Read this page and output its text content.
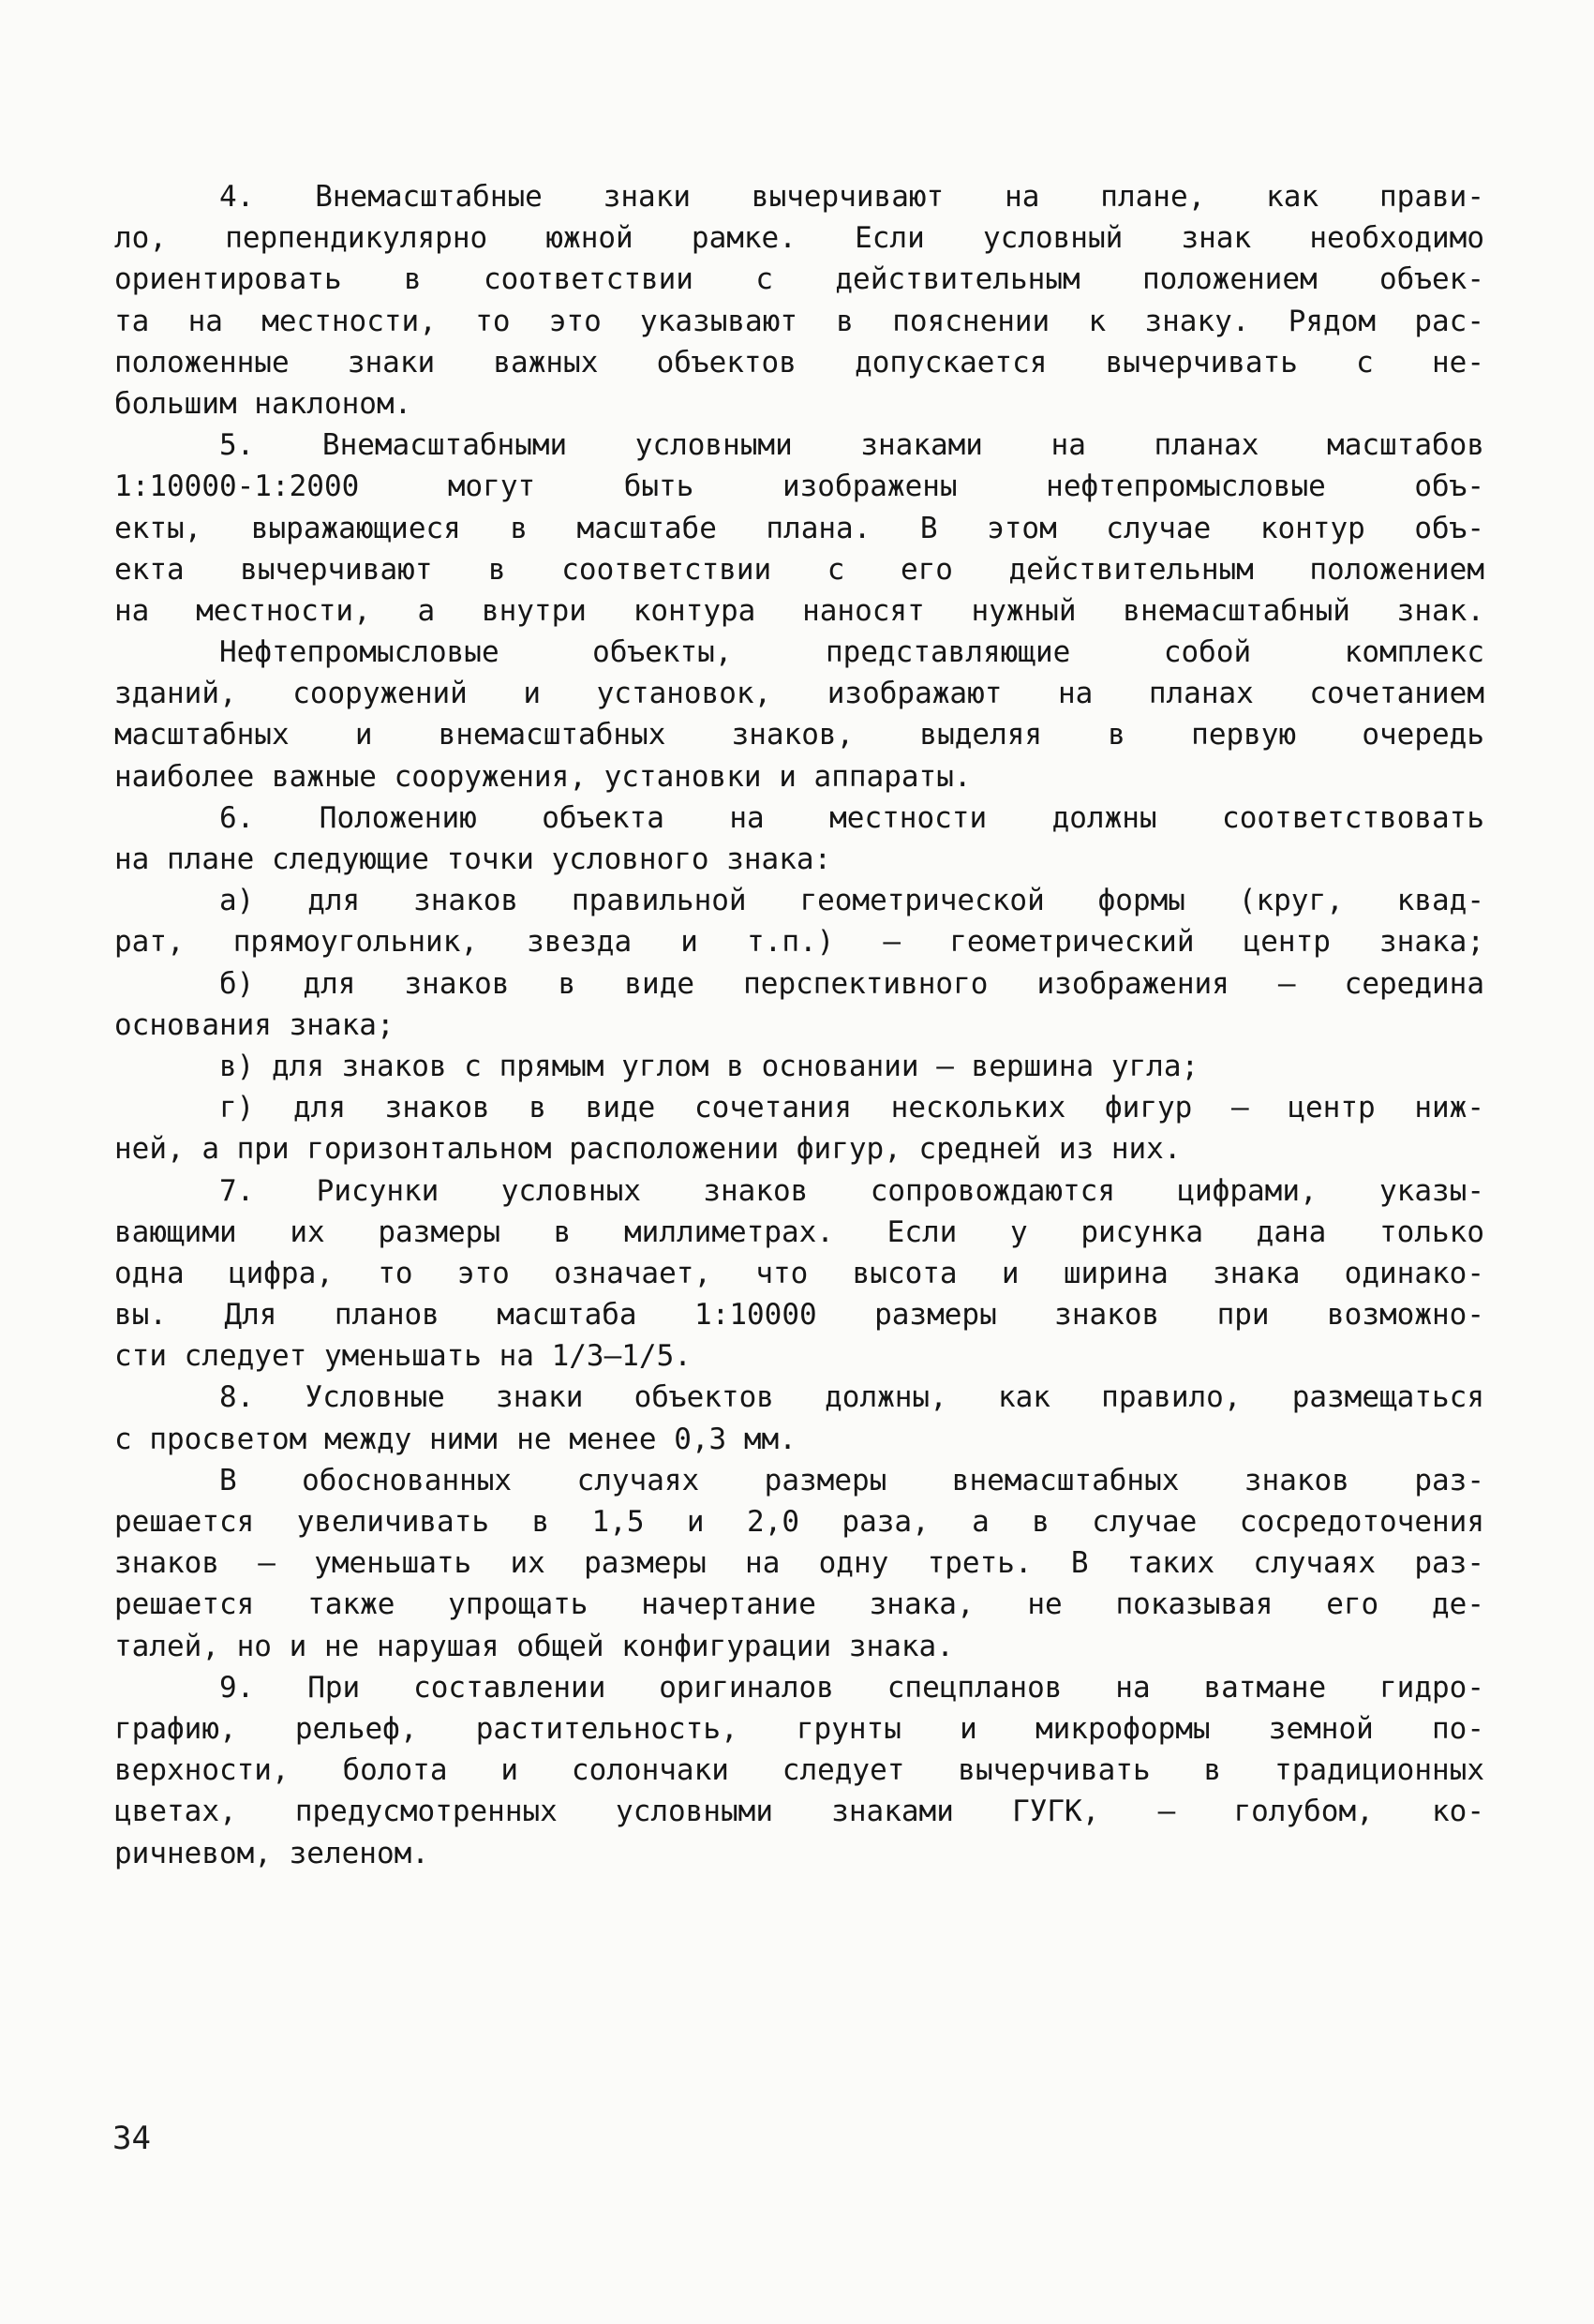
4. Внемасштабные знаки вычерчивают на плане, как прави-
ло, перпендикулярно южной рамке. Если условный знак необходимо
ориентировать в соответствии с действительным положением объек-
та на местности, то это указывают в пояснении к знаку. Рядом рас-
положенные знаки важных объектов допускается вычерчивать с не-
большим наклоном.
5. Внемасштабными условными знаками на планах масштабов
1:10000-1:2000 могут быть изображены нефтепромысловые объ-
екты, выражающиеся в масштабе плана. В этом случае контур объ-
екта вычерчивают в соответствии с его действительным положением
на местности, а внутри контура наносят нужный внемасштабный знак.
Нефтепромысловые объекты, представляющие собой комплекс
зданий, сооружений и установок, изображают на планах сочетанием
масштабных и внемасштабных знаков, выделяя в первую очередь
наиболее важные сооружения, установки и аппараты.
6. Положению объекта на местности должны соответствовать
на плане следующие точки условного знака:
а) для знаков правильной геометрической формы (круг, квад-
рат, прямоугольник, звезда и т.п.) – геометрический центр знака;
б) для знаков в виде перспективного изображения – середина
основания знака;
в) для знаков с прямым углом в основании – вершина угла;
г) для знаков в виде сочетания нескольких фигур – центр ниж-
ней, а при горизонтальном расположении фигур, средней из них.
7. Рисунки условных знаков сопровождаются цифрами, указы-
вающими их размеры в миллиметрах. Если у рисунка дана только
одна цифра, то это означает, что высота и ширина знака одинако-
вы. Для планов масштаба 1:10000 размеры знаков при возможно-
сти следует уменьшать на 1/3–1/5.
8. Условные знаки объектов должны, как правило, размещаться
с просветом между ними не менее 0,3 мм.
В обоснованных случаях размеры внемасштабных знаков раз-
решается увеличивать в 1,5 и 2,0 раза, а в случае сосредоточения
знаков – уменьшать их размеры на одну треть. В таких случаях раз-
решается также упрощать начертание знака, не показывая его де-
талей, но и не нарушая общей конфигурации знака.
9. При составлении оригиналов спецпланов на ватмане гидро-
графию, рельеф, растительность, грунты и микроформы земной по-
верхности, болота и солончаки следует вычерчивать в традиционных
цветах, предусмотренных условными знаками ГУГК, – голубом, ко-
ричневом, зеленом.
34
